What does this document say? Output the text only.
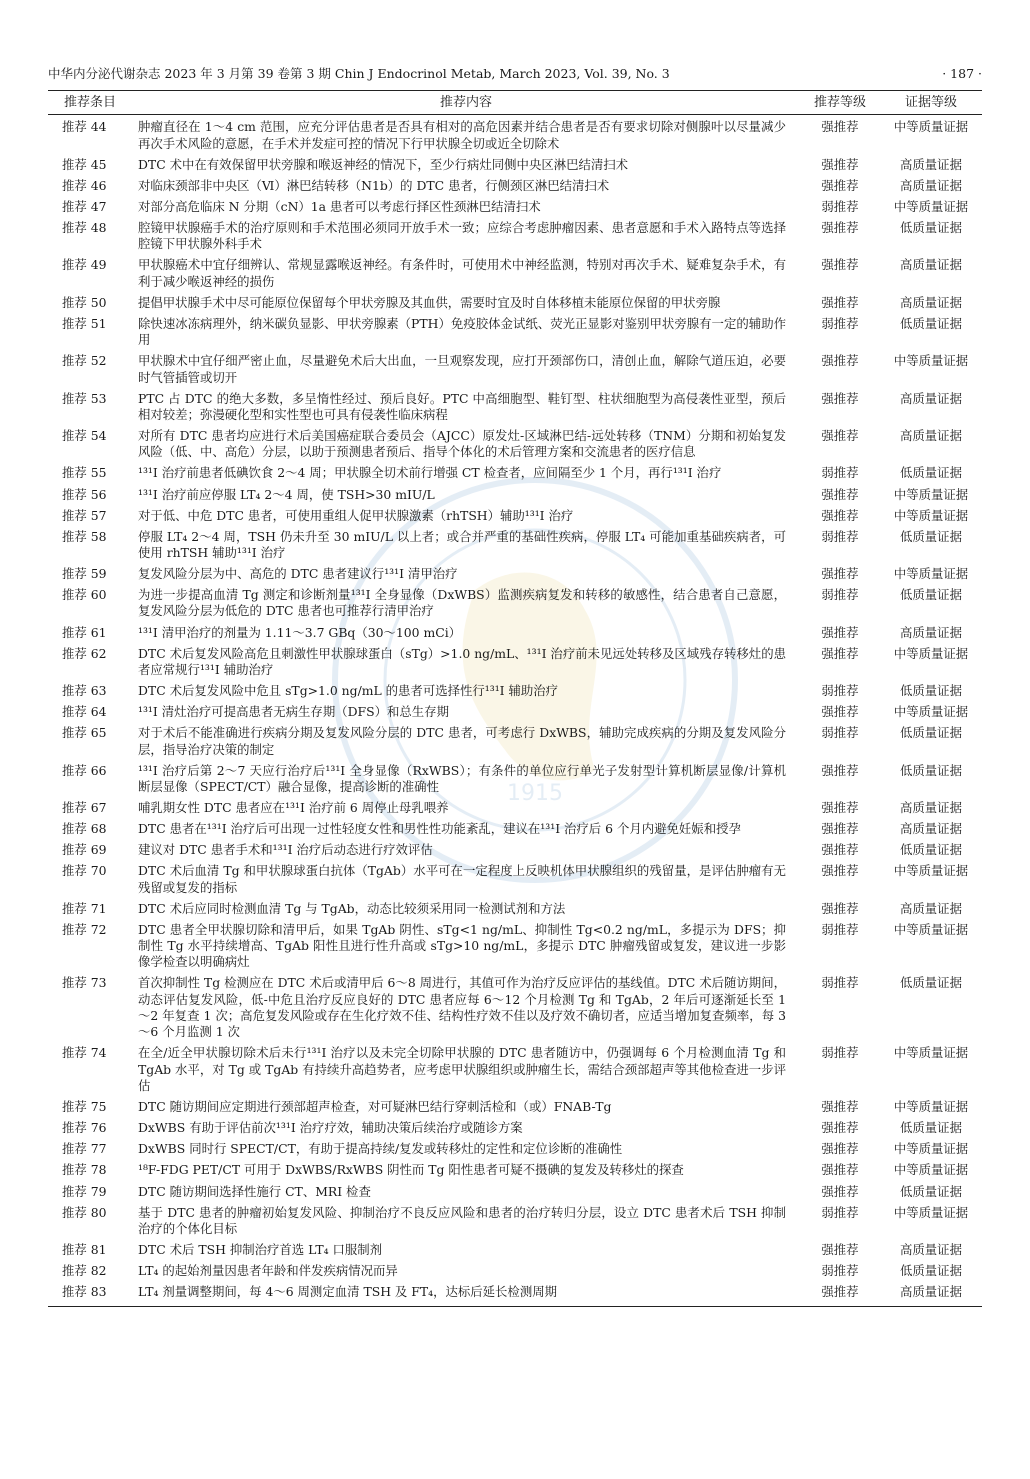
1915
中华内分泌代谢杂志 2023 年 3 月第 39 卷第 3 期 Chin J Endocrinol Metab, March 2023, Vol. 39, No. 3	· 187 ·
推荐条目	推荐内容	推荐等级	证据等级
推荐 44	肿瘤直径在 1～4 cm 范围，应充分评估患者是否具有相对的高危因素并结合患者是否有要求切除对侧腺叶以尽量减少再次手术风险的意愿，在手术并发症可控的情况下行甲状腺全切或近全切除术	强推荐	中等质量证据
推荐 45	DTC 术中在有效保留甲状旁腺和喉返神经的情况下，至少行病灶同侧中央区淋巴结清扫术	强推荐	高质量证据
推荐 46	对临床颈部非中央区（Ⅵ）淋巴结转移（N1b）的 DTC 患者，行侧颈区淋巴结清扫术	强推荐	高质量证据
推荐 47	对部分高危临床 N 分期（cN）1a 患者可以考虑行择区性颈淋巴结清扫术	弱推荐	中等质量证据
推荐 48	腔镜甲状腺癌手术的治疗原则和手术范围必须同开放手术一致；应综合考虑肿瘤因素、患者意愿和手术入路特点等选择腔镜下甲状腺外科手术	强推荐	低质量证据
推荐 49	甲状腺癌术中宜仔细辨认、常规显露喉返神经。有条件时，可使用术中神经监测，特别对再次手术、疑难复杂手术，有利于减少喉返神经的损伤	强推荐	高质量证据
推荐 50	提倡甲状腺手术中尽可能原位保留每个甲状旁腺及其血供，需要时宜及时自体移植未能原位保留的甲状旁腺	强推荐	高质量证据
推荐 51	除快速冰冻病理外，纳米碳负显影、甲状旁腺素（PTH）免疫胶体金试纸、荧光正显影对鉴别甲状旁腺有一定的辅助作用	弱推荐	低质量证据
推荐 52	甲状腺术中宜仔细严密止血，尽量避免术后大出血，一旦观察发现，应打开颈部伤口，清创止血，解除气道压迫，必要时气管插管或切开	强推荐	中等质量证据
推荐 53	PTC 占 DTC 的绝大多数，多呈惰性经过、预后良好。PTC 中高细胞型、鞋钉型、柱状细胞型为高侵袭性亚型，预后相对较差；弥漫硬化型和实性型也可具有侵袭性临床病程	强推荐	高质量证据
推荐 54	对所有 DTC 患者均应进行术后美国癌症联合委员会（AJCC）原发灶-区域淋巴结-远处转移（TNM）分期和初始复发风险（低、中、高危）分层，以助于预测患者预后、指导个体化的术后管理方案和交流患者的医疗信息	强推荐	高质量证据
推荐 55	¹³¹I 治疗前患者低碘饮食 2～4 周；甲状腺全切术前行增强 CT 检查者，应间隔至少 1 个月，再行¹³¹I 治疗	弱推荐	低质量证据
推荐 56	¹³¹I 治疗前应停服 LT₄ 2～4 周，使 TSH>30 mIU/L	强推荐	中等质量证据
推荐 57	对于低、中危 DTC 患者，可使用重组人促甲状腺激素（rhTSH）辅助¹³¹I 治疗	强推荐	中等质量证据
推荐 58	停服 LT₄ 2～4 周，TSH 仍未升至 30 mIU/L 以上者；或合并严重的基础性疾病，停服 LT₄ 可能加重基础疾病者，可使用 rhTSH 辅助¹³¹I 治疗	弱推荐	低质量证据
推荐 59	复发风险分层为中、高危的 DTC 患者建议行¹³¹I 清甲治疗	强推荐	中等质量证据
推荐 60	为进一步提高血清 Tg 测定和诊断剂量¹³¹I 全身显像（DxWBS）监测疾病复发和转移的敏感性，结合患者自己意愿，复发风险分层为低危的 DTC 患者也可推荐行清甲治疗	弱推荐	低质量证据
推荐 61	¹³¹I 清甲治疗的剂量为 1.11～3.7 GBq（30～100 mCi）	强推荐	高质量证据
推荐 62	DTC 术后复发风险高危且刺激性甲状腺球蛋白（sTg）>1.0 ng/mL、¹³¹I 治疗前未见远处转移及区域残存转移灶的患者应常规行¹³¹I 辅助治疗	强推荐	中等质量证据
推荐 63	DTC 术后复发风险中危且 sTg>1.0 ng/mL 的患者可选择性行¹³¹I 辅助治疗	弱推荐	低质量证据
推荐 64	¹³¹I 清灶治疗可提高患者无病生存期（DFS）和总生存期	强推荐	中等质量证据
推荐 65	对于术后不能准确进行疾病分期及复发风险分层的 DTC 患者，可考虑行 DxWBS，辅助完成疾病的分期及复发风险分层，指导治疗决策的制定	弱推荐	低质量证据
推荐 66	¹³¹I 治疗后第 2～7 天应行治疗后¹³¹I 全身显像（RxWBS）；有条件的单位应行单光子发射型计算机断层显像/计算机断层显像（SPECT/CT）融合显像，提高诊断的准确性	强推荐	低质量证据
推荐 67	哺乳期女性 DTC 患者应在¹³¹I 治疗前 6 周停止母乳喂养	强推荐	高质量证据
推荐 68	DTC 患者在¹³¹I 治疗后可出现一过性轻度女性和男性性功能紊乱，建议在¹³¹I 治疗后 6 个月内避免妊娠和授孕	强推荐	高质量证据
推荐 69	建议对 DTC 患者手术和¹³¹I 治疗后动态进行疗效评估	强推荐	低质量证据
推荐 70	DTC 术后血清 Tg 和甲状腺球蛋白抗体（TgAb）水平可在一定程度上反映机体甲状腺组织的残留量，是评估肿瘤有无残留或复发的指标	强推荐	中等质量证据
推荐 71	DTC 术后应同时检测血清 Tg 与 TgAb，动态比较须采用同一检测试剂和方法	强推荐	高质量证据
推荐 72	DTC 患者全甲状腺切除和清甲后，如果 TgAb 阴性、sTg<1 ng/mL、抑制性 Tg<0.2 ng/mL，多提示为 DFS；抑制性 Tg 水平持续增高、TgAb 阳性且进行性升高或 sTg>10 ng/mL，多提示 DTC 肿瘤残留或复发，建议进一步影像学检查以明确病灶	弱推荐	中等质量证据
推荐 73	首次抑制性 Tg 检测应在 DTC 术后或清甲后 6～8 周进行，其值可作为治疗反应评估的基线值。DTC 术后随访期间，动态评估复发风险，低-中危且治疗反应良好的 DTC 患者应每 6～12 个月检测 Tg 和 TgAb，2 年后可逐渐延长至 1～2 年复查 1 次；高危复发风险或存在生化疗效不佳、结构性疗效不佳以及疗效不确切者，应适当增加复查频率，每 3～6 个月监测 1 次	弱推荐	低质量证据
推荐 74	在全/近全甲状腺切除术后未行¹³¹I 治疗以及未完全切除甲状腺的 DTC 患者随访中，仍强调每 6 个月检测血清 Tg 和 TgAb 水平，对 Tg 或 TgAb 有持续升高趋势者，应考虑甲状腺组织或肿瘤生长，需结合颈部超声等其他检查进一步评估	弱推荐	中等质量证据
推荐 75	DTC 随访期间应定期进行颈部超声检查，对可疑淋巴结行穿刺活检和（或）FNAB-Tg	强推荐	中等质量证据
推荐 76	DxWBS 有助于评估前次¹³¹I 治疗疗效，辅助决策后续治疗或随诊方案	强推荐	低质量证据
推荐 77	DxWBS 同时行 SPECT/CT，有助于提高持续/复发或转移灶的定性和定位诊断的准确性	强推荐	中等质量证据
推荐 78	¹⁸F-FDG PET/CT 可用于 DxWBS/RxWBS 阴性而 Tg 阳性患者可疑不摄碘的复发及转移灶的探查	强推荐	中等质量证据
推荐 79	DTC 随访期间选择性施行 CT、MRI 检查	强推荐	低质量证据
推荐 80	基于 DTC 患者的肿瘤初始复发风险、抑制治疗不良反应风险和患者的治疗转归分层，设立 DTC 患者术后 TSH 抑制治疗的个体化目标	弱推荐	中等质量证据
推荐 81	DTC 术后 TSH 抑制治疗首选 LT₄ 口服制剂	强推荐	高质量证据
推荐 82	LT₄ 的起始剂量因患者年龄和伴发疾病情况而异	弱推荐	低质量证据
推荐 83	LT₄ 剂量调整期间，每 4～6 周测定血清 TSH 及 FT₄，达标后延长检测周期	强推荐	高质量证据
